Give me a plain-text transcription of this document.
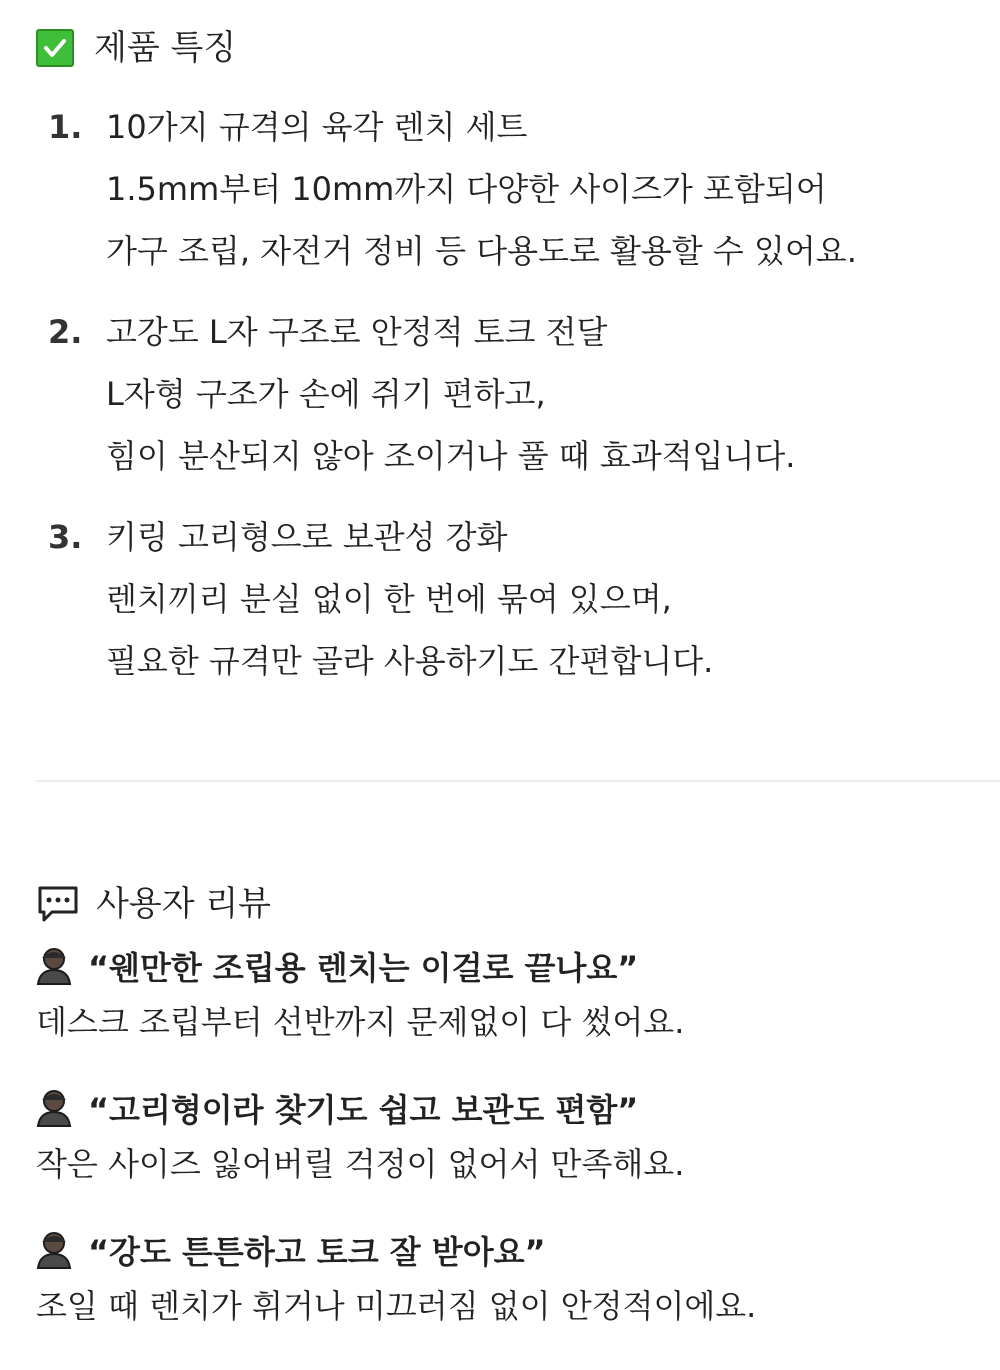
제품 특징
1. 10가지 규격의 육각 렌치 세트
1.5mm부터 10mm까지 다양한 사이즈가 포함되어
가구 조립, 자전거 정비 등 다용도로 활용할 수 있어요.
2. 고강도 L자 구조로 안정적 토크 전달
L자형 구조가 손에 쥐기 편하고,
힘이 분산되지 않아 조이거나 풀 때 효과적입니다.
3. 키링 고리형으로 보관성 강화
렌치끼리 분실 없이 한 번에 묶여 있으며,
필요한 규격만 골라 사용하기도 간편합니다.
사용자 리뷰
“웬만한 조립용 렌치는 이걸로 끝나요”
데스크 조립부터 선반까지 문제없이 다 썼어요.
“고리형이라 찾기도 쉽고 보관도 편함”
작은 사이즈 잃어버릴 걱정이 없어서 만족해요.
“강도 튼튼하고 토크 잘 받아요”
조일 때 렌치가 휘거나 미끄러짐 없이 안정적이에요.
